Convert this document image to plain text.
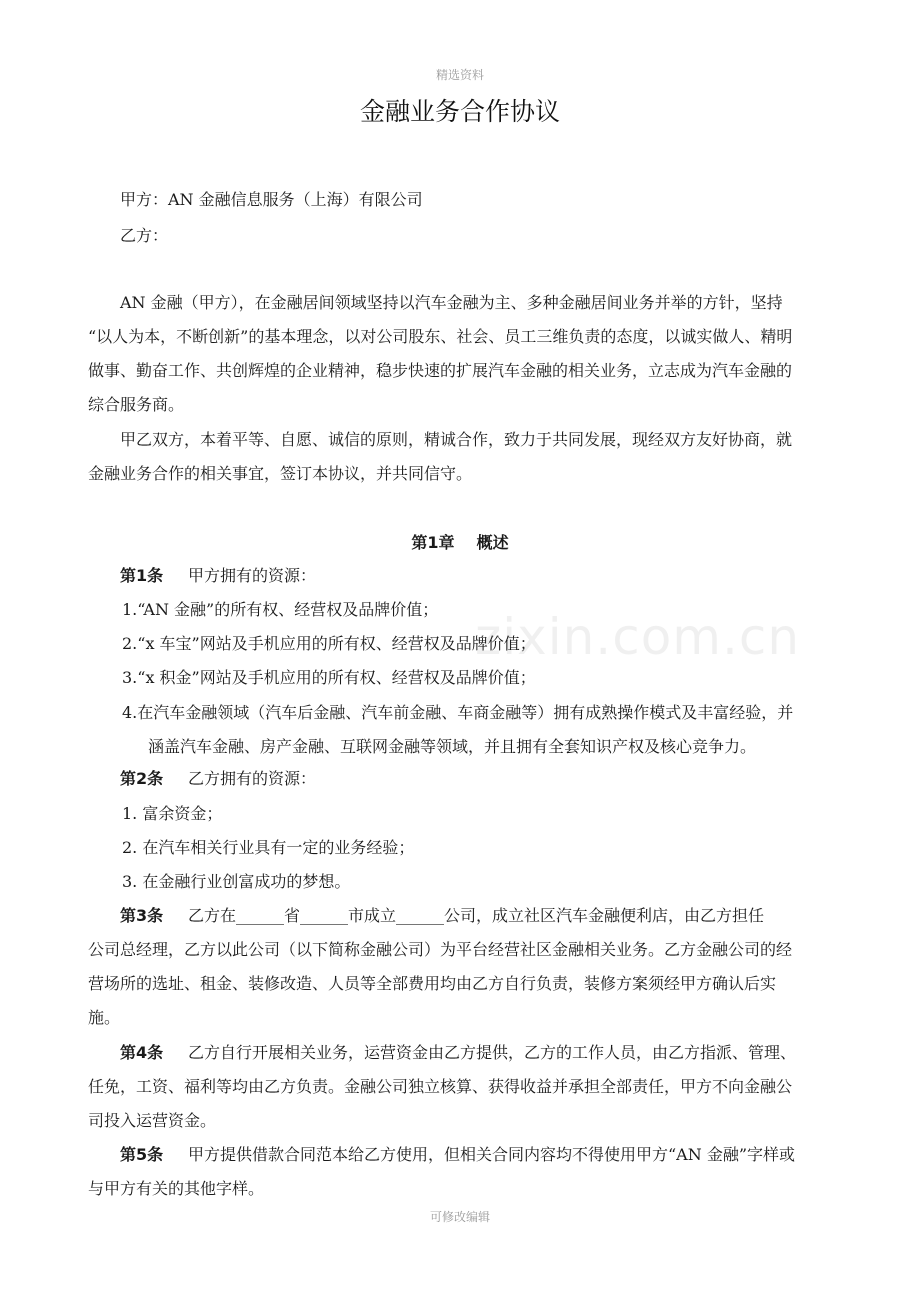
精选资料
zixin.com.cn
金融业务合作协议
甲方：AN 金融信息服务（上海）有限公司
乙方：
AN 金融（甲方），在金融居间领域坚持以汽车金融为主、多种金融居间业务并举的方针，坚持
“以人为本，不断创新”的基本理念，以对公司股东、社会、员工三维负责的态度，以诚实做人、精明
做事、勤奋工作、共创辉煌的企业精神，稳步快速的扩展汽车金融的相关业务，立志成为汽车金融的
综合服务商。
甲乙双方，本着平等、自愿、诚信的原则，精诚合作，致力于共同发展，现经双方友好协商，就
金融业务合作的相关事宜，签订本协议，并共同信守。
第1章 概述
第1条 甲方拥有的资源：
1.“AN 金融”的所有权、经营权及品牌价值；
2.“x 车宝”网站及手机应用的所有权、经营权及品牌价值；
3.“x 积金”网站及手机应用的所有权、经营权及品牌价值；
4.在汽车金融领域（汽车后金融、汽车前金融、车商金融等）拥有成熟操作模式及丰富经验，并
涵盖汽车金融、房产金融、互联网金融等领域，并且拥有全套知识产权及核心竞争力。
第2条 乙方拥有的资源：
1. 富余资金；
2. 在汽车相关行业具有一定的业务经验；
3. 在金融行业创富成功的梦想。
第3条 乙方在______省______市成立______公司，成立社区汽车金融便利店，由乙方担任
公司总经理，乙方以此公司（以下简称金融公司）为平台经营社区金融相关业务。乙方金融公司的经
营场所的选址、租金、装修改造、人员等全部费用均由乙方自行负责，装修方案须经甲方确认后实
施。
第4条 乙方自行开展相关业务，运营资金由乙方提供，乙方的工作人员，由乙方指派、管理、
任免，工资、福利等均由乙方负责。金融公司独立核算、获得收益并承担全部责任，甲方不向金融公
司投入运营资金。
第5条 甲方提供借款合同范本给乙方使用，但相关合同内容均不得使用甲方“AN 金融”字样或
与甲方有关的其他字样。
可修改编辑
